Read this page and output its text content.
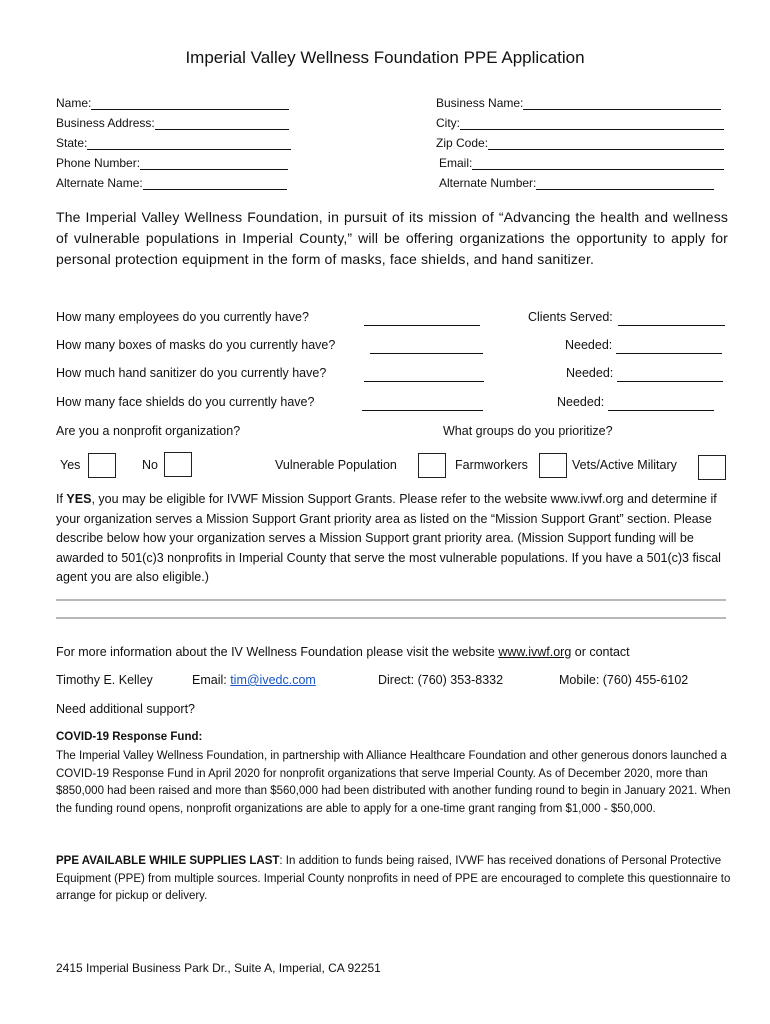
Imperial Valley Wellness Foundation PPE Application
Name:
Business Address:
State:
Phone Number:
Alternate Name:
Business Name:
City:
Zip Code:
Email:
Alternate Number:
The Imperial Valley Wellness Foundation, in pursuit of its mission of “Advancing the health and wellness of vulnerable populations in Imperial County,” will be offering organizations the opportunity to apply for personal protection equipment in the form of masks, face shields, and hand sanitizer.
How many employees do you currently have?	Clients Served:
How many boxes of masks do you currently have?	Needed:
How much hand sanitizer do you currently have?	Needed:
How many face shields do you currently have?	Needed:
Are you a nonprofit organization?	What groups do you prioritize?
Yes	No	Vulnerable Population	Farmworkers	Vets/Active Military
If YES, you may be eligible for IVWF Mission Support Grants. Please refer to the website www.ivwf.org and determine if your organization serves a Mission Support Grant priority area as listed on the “Mission Support Grant” section. Please describe below how your organization serves a Mission Support grant priority area. (Mission Support funding will be awarded to 501(c)3 nonprofits in Imperial County that serve the most vulnerable populations. If you have a 501(c)3 fiscal agent you are also eligible.)
For more information about the IV Wellness Foundation please visit the website www.ivwf.org or contact
Timothy E. Kelley	Email: tim@ivedc.com	Direct: (760) 353-8332	Mobile: (760) 455-6102
Need additional support?
COVID-19 Response Fund:
The Imperial Valley Wellness Foundation, in partnership with Alliance Healthcare Foundation and other generous donors launched a COVID-19 Response Fund in April 2020 for nonprofit organizations that serve Imperial County. As of December 2020, more than $850,000 had been raised and more than $560,000 had been distributed with another funding round to begin in January 2021. When the funding round opens, nonprofit organizations are able to apply for a one-time grant ranging from $1,000 - $50,000.
PPE AVAILABLE WHILE SUPPLIES LAST: In addition to funds being raised, IVWF has received donations of Personal Protective Equipment (PPE) from multiple sources. Imperial County nonprofits in need of PPE are encouraged to complete this questionnaire to arrange for pickup or delivery.
2415 Imperial Business Park Dr., Suite A, Imperial, CA 92251
